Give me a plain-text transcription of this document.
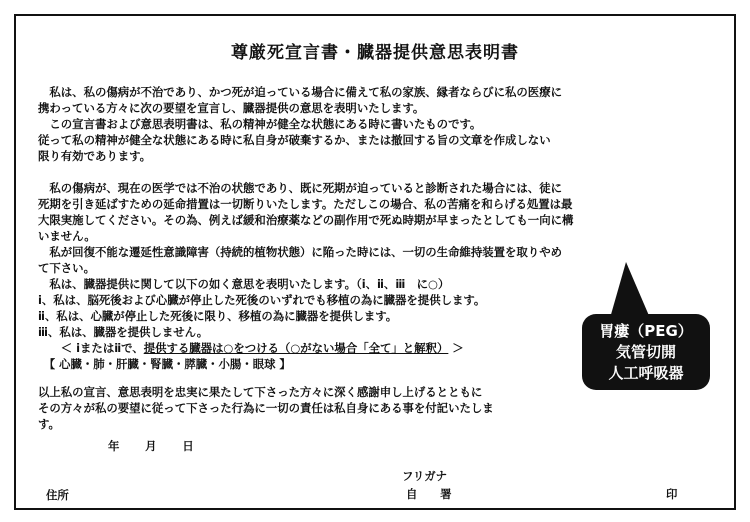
尊厳死宣言書・臓器提供意思表明書
　私は、私の傷病が不治であり、かつ死が迫っている場合に備えて私の家族、縁者ならびに私の医療に
携わっている方々に次の要望を宣言し、臓器提供の意思を表明いたします。
　この宣言書および意思表明書は、私の精神が健全な状態にある時に書いたものです。
従って私の精神が健全な状態にある時に私自身が破棄するか、または撤回する旨の文章を作成しない
限り有効であります。
　私の傷病が、現在の医学では不治の状態であり、既に死期が迫っていると診断された場合には、徒に
死期を引き延ばすための延命措置は一切断りいたします。ただしこの場合、私の苦痛を和らげる処置は最
大限実施してください。その為、例えば緩和治療薬などの副作用で死ぬ時期が早まったとしても一向に構
いません。
　私が回復不能な遷延性意識障害（持続的植物状態）に陥った時には、一切の生命維持装置を取りやめ
て下さい。
　私は、臓器提供に関して以下の如く意思を表明いたします。（ⅰ、ⅱ、ⅲ　に○）
ⅰ、私は、脳死後および心臓が停止した死後のいずれでも移植の為に臓器を提供します。
ⅱ、私は、心臓が停止した死後に限り、移植の為に臓器を提供します。
ⅲ、私は、臓器を提供しません。
　　＜ ⅰまたはⅱで、提供する臓器は○をつける（○がない場合「全て」と解釈） ＞
　【 心臓・肺・肝臓・腎臓・膵臓・小腸・眼球 】
以上私の宣言、意思表明を忠実に果たして下さった方々に深く感謝申し上げるとともに
その方々が私の要望に従って下さった行為に一切の責任は私自身にある事を付記いたしま
す。
年　　月　　日
フリガナ
住所	自　　署	印
胃瘻（PEG）
気管切開
人工呼吸器
